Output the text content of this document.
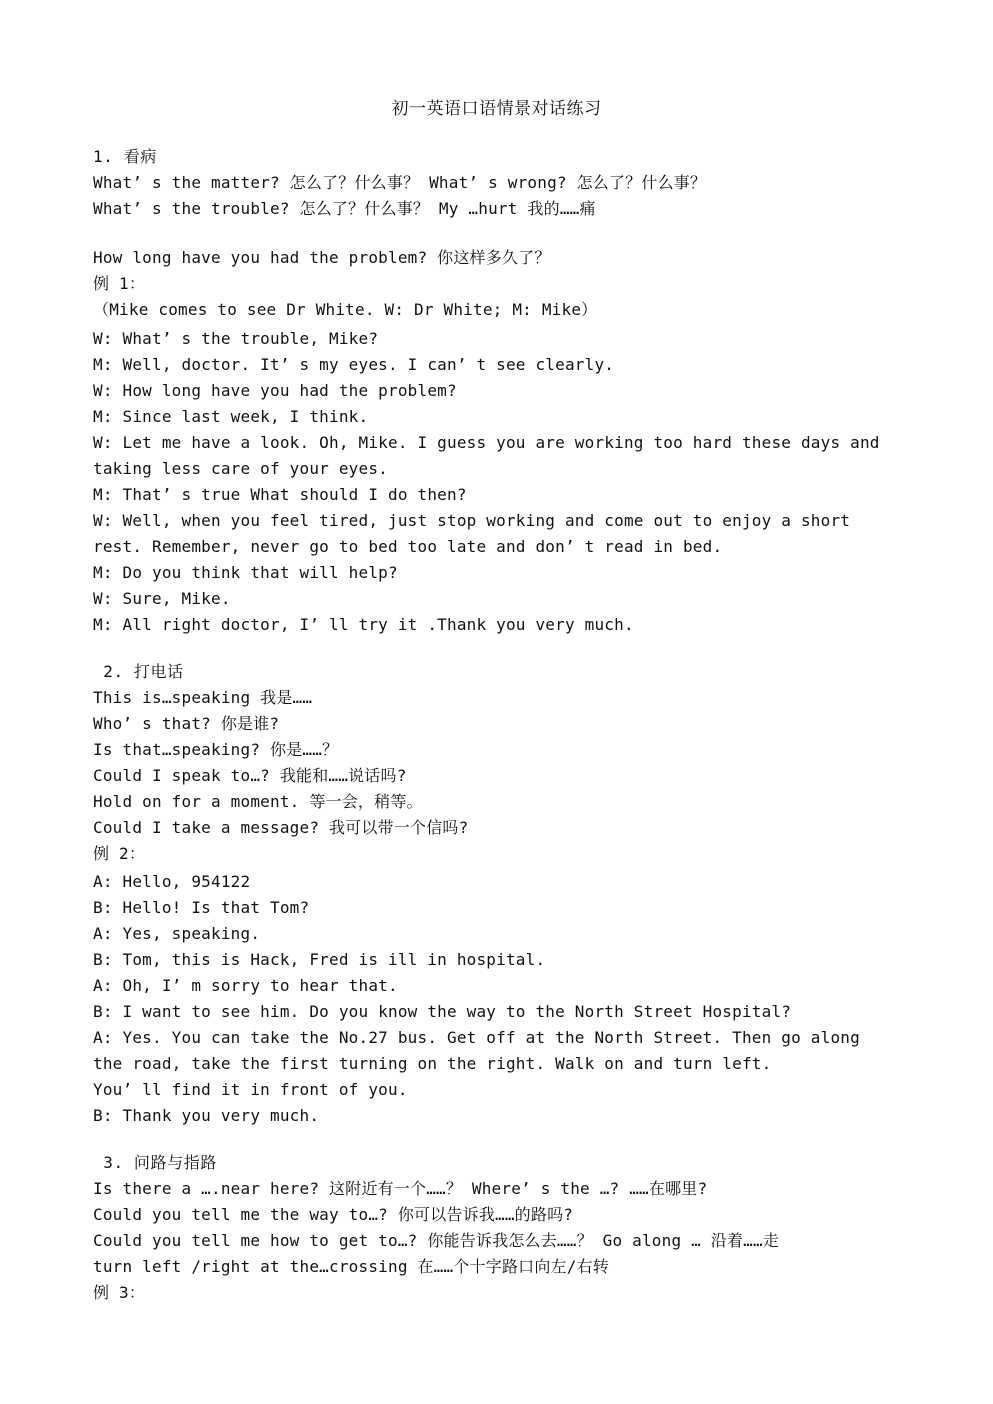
初一英语口语情景对话练习
1. 看病
What’ s the matter? 怎么了？什么事？ What’ s wrong? 怎么了？什么事？
What’ s the trouble? 怎么了？什么事？ My …hurt 我的……痛
How long have you had the problem? 你这样多久了？
例 1：
（Mike comes to see Dr White. W: Dr White; M: Mike）
W: What’ s the trouble, Mike?
M: Well, doctor. It’ s my eyes. I can’ t see clearly.
W: How long have you had the problem?
M: Since last week, I think.
W: Let me have a look. Oh, Mike. I guess you are working too hard these days and
taking less care of your eyes.
M: That’ s true What should I do then?
W: Well, when you feel tired, just stop working and come out to enjoy a short
rest. Remember, never go to bed too late and don’ t read in bed.
M: Do you think that will help?
W: Sure, Mike.
M: All right doctor, I’ ll try it .Thank you very much.
2. 打电话
This is…speaking 我是……
Who’ s that? 你是谁?
Is that…speaking? 你是……？
Could I speak to…? 我能和……说话吗?
Hold on for a moment. 等一会，稍等。
Could I take a message? 我可以带一个信吗?
例 2：
A: Hello, 954122
B: Hello! Is that Tom?
A: Yes, speaking.
B: Tom, this is Hack, Fred is ill in hospital.
A: Oh, I’ m sorry to hear that.
B: I want to see him. Do you know the way to the North Street Hospital?
A: Yes. You can take the No.27 bus. Get off at the North Street. Then go along
the road, take the first turning on the right. Walk on and turn left.
You’ ll find it in front of you.
B: Thank you very much.
3. 问路与指路
Is there a ….near here? 这附近有一个……？ Where’ s the …? ……在哪里?
Could you tell me the way to…? 你可以告诉我……的路吗?
Could you tell me how to get to…? 你能告诉我怎么去……？ Go along … 沿着……走
turn left /right at the…crossing 在……个十字路口向左/右转
例 3：
